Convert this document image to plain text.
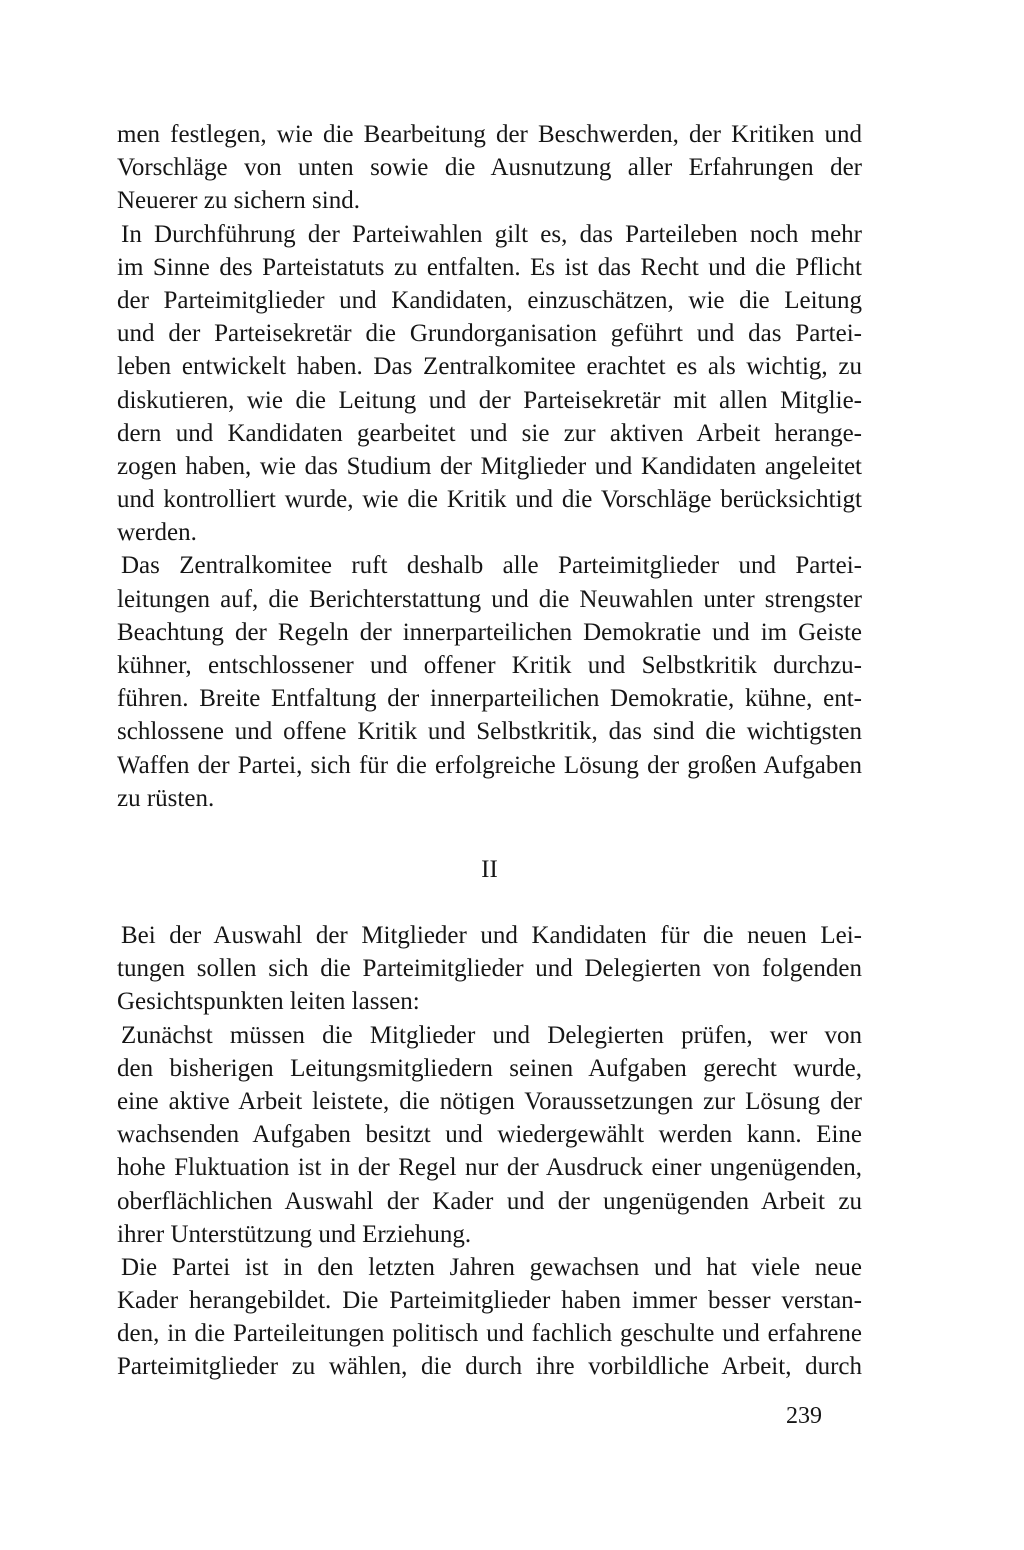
men festlegen, wie die Bearbeitung der Beschwerden, der Kritiken und
Vorschläge von unten sowie die Ausnutzung aller Erfahrungen der
Neuerer zu sichern sind.
In Durchführung der Parteiwahlen gilt es, das Parteileben noch mehr
im Sinne des Parteistatuts zu entfalten. Es ist das Recht und die Pflicht
der Parteimitglieder und Kandidaten, einzuschätzen, wie die Leitung
und der Parteisekretär die Grundorganisation geführt und das Partei-
leben entwickelt haben. Das Zentralkomitee erachtet es als wichtig, zu
diskutieren, wie die Leitung und der Parteisekretär mit allen Mitglie-
dern und Kandidaten gearbeitet und sie zur aktiven Arbeit herange-
zogen haben, wie das Studium der Mitglieder und Kandidaten angeleitet
und kontrolliert wurde, wie die Kritik und die Vorschläge berücksichtigt
werden.
Das Zentralkomitee ruft deshalb alle Parteimitglieder und Partei-
leitungen auf, die Berichterstattung und die Neuwahlen unter strengster
Beachtung der Regeln der innerparteilichen Demokratie und im Geiste
kühner, entschlossener und offener Kritik und Selbstkritik durchzu-
führen. Breite Entfaltung der innerparteilichen Demokratie, kühne, ent-
schlossene und offene Kritik und Selbstkritik, das sind die wichtigsten
Waffen der Partei, sich für die erfolgreiche Lösung der großen Aufgaben
zu rüsten.
II
Bei der Auswahl der Mitglieder und Kandidaten für die neuen Lei-
tungen sollen sich die Parteimitglieder und Delegierten von folgenden
Gesichtspunkten leiten lassen:
Zunächst müssen die Mitglieder und Delegierten prüfen, wer von
den bisherigen Leitungsmitgliedern seinen Aufgaben gerecht wurde,
eine aktive Arbeit leistete, die nötigen Voraussetzungen zur Lösung der
wachsenden Aufgaben besitzt und wiedergewählt werden kann. Eine
hohe Fluktuation ist in der Regel nur der Ausdruck einer ungenügenden,
oberflächlichen Auswahl der Kader und der ungenügenden Arbeit zu
ihrer Unterstützung und Erziehung.
Die Partei ist in den letzten Jahren gewachsen und hat viele neue
Kader herangebildet. Die Parteimitglieder haben immer besser verstan-
den, in die Parteileitungen politisch und fachlich geschulte und erfahrene
Parteimitglieder zu wählen, die durch ihre vorbildliche Arbeit, durch
239
